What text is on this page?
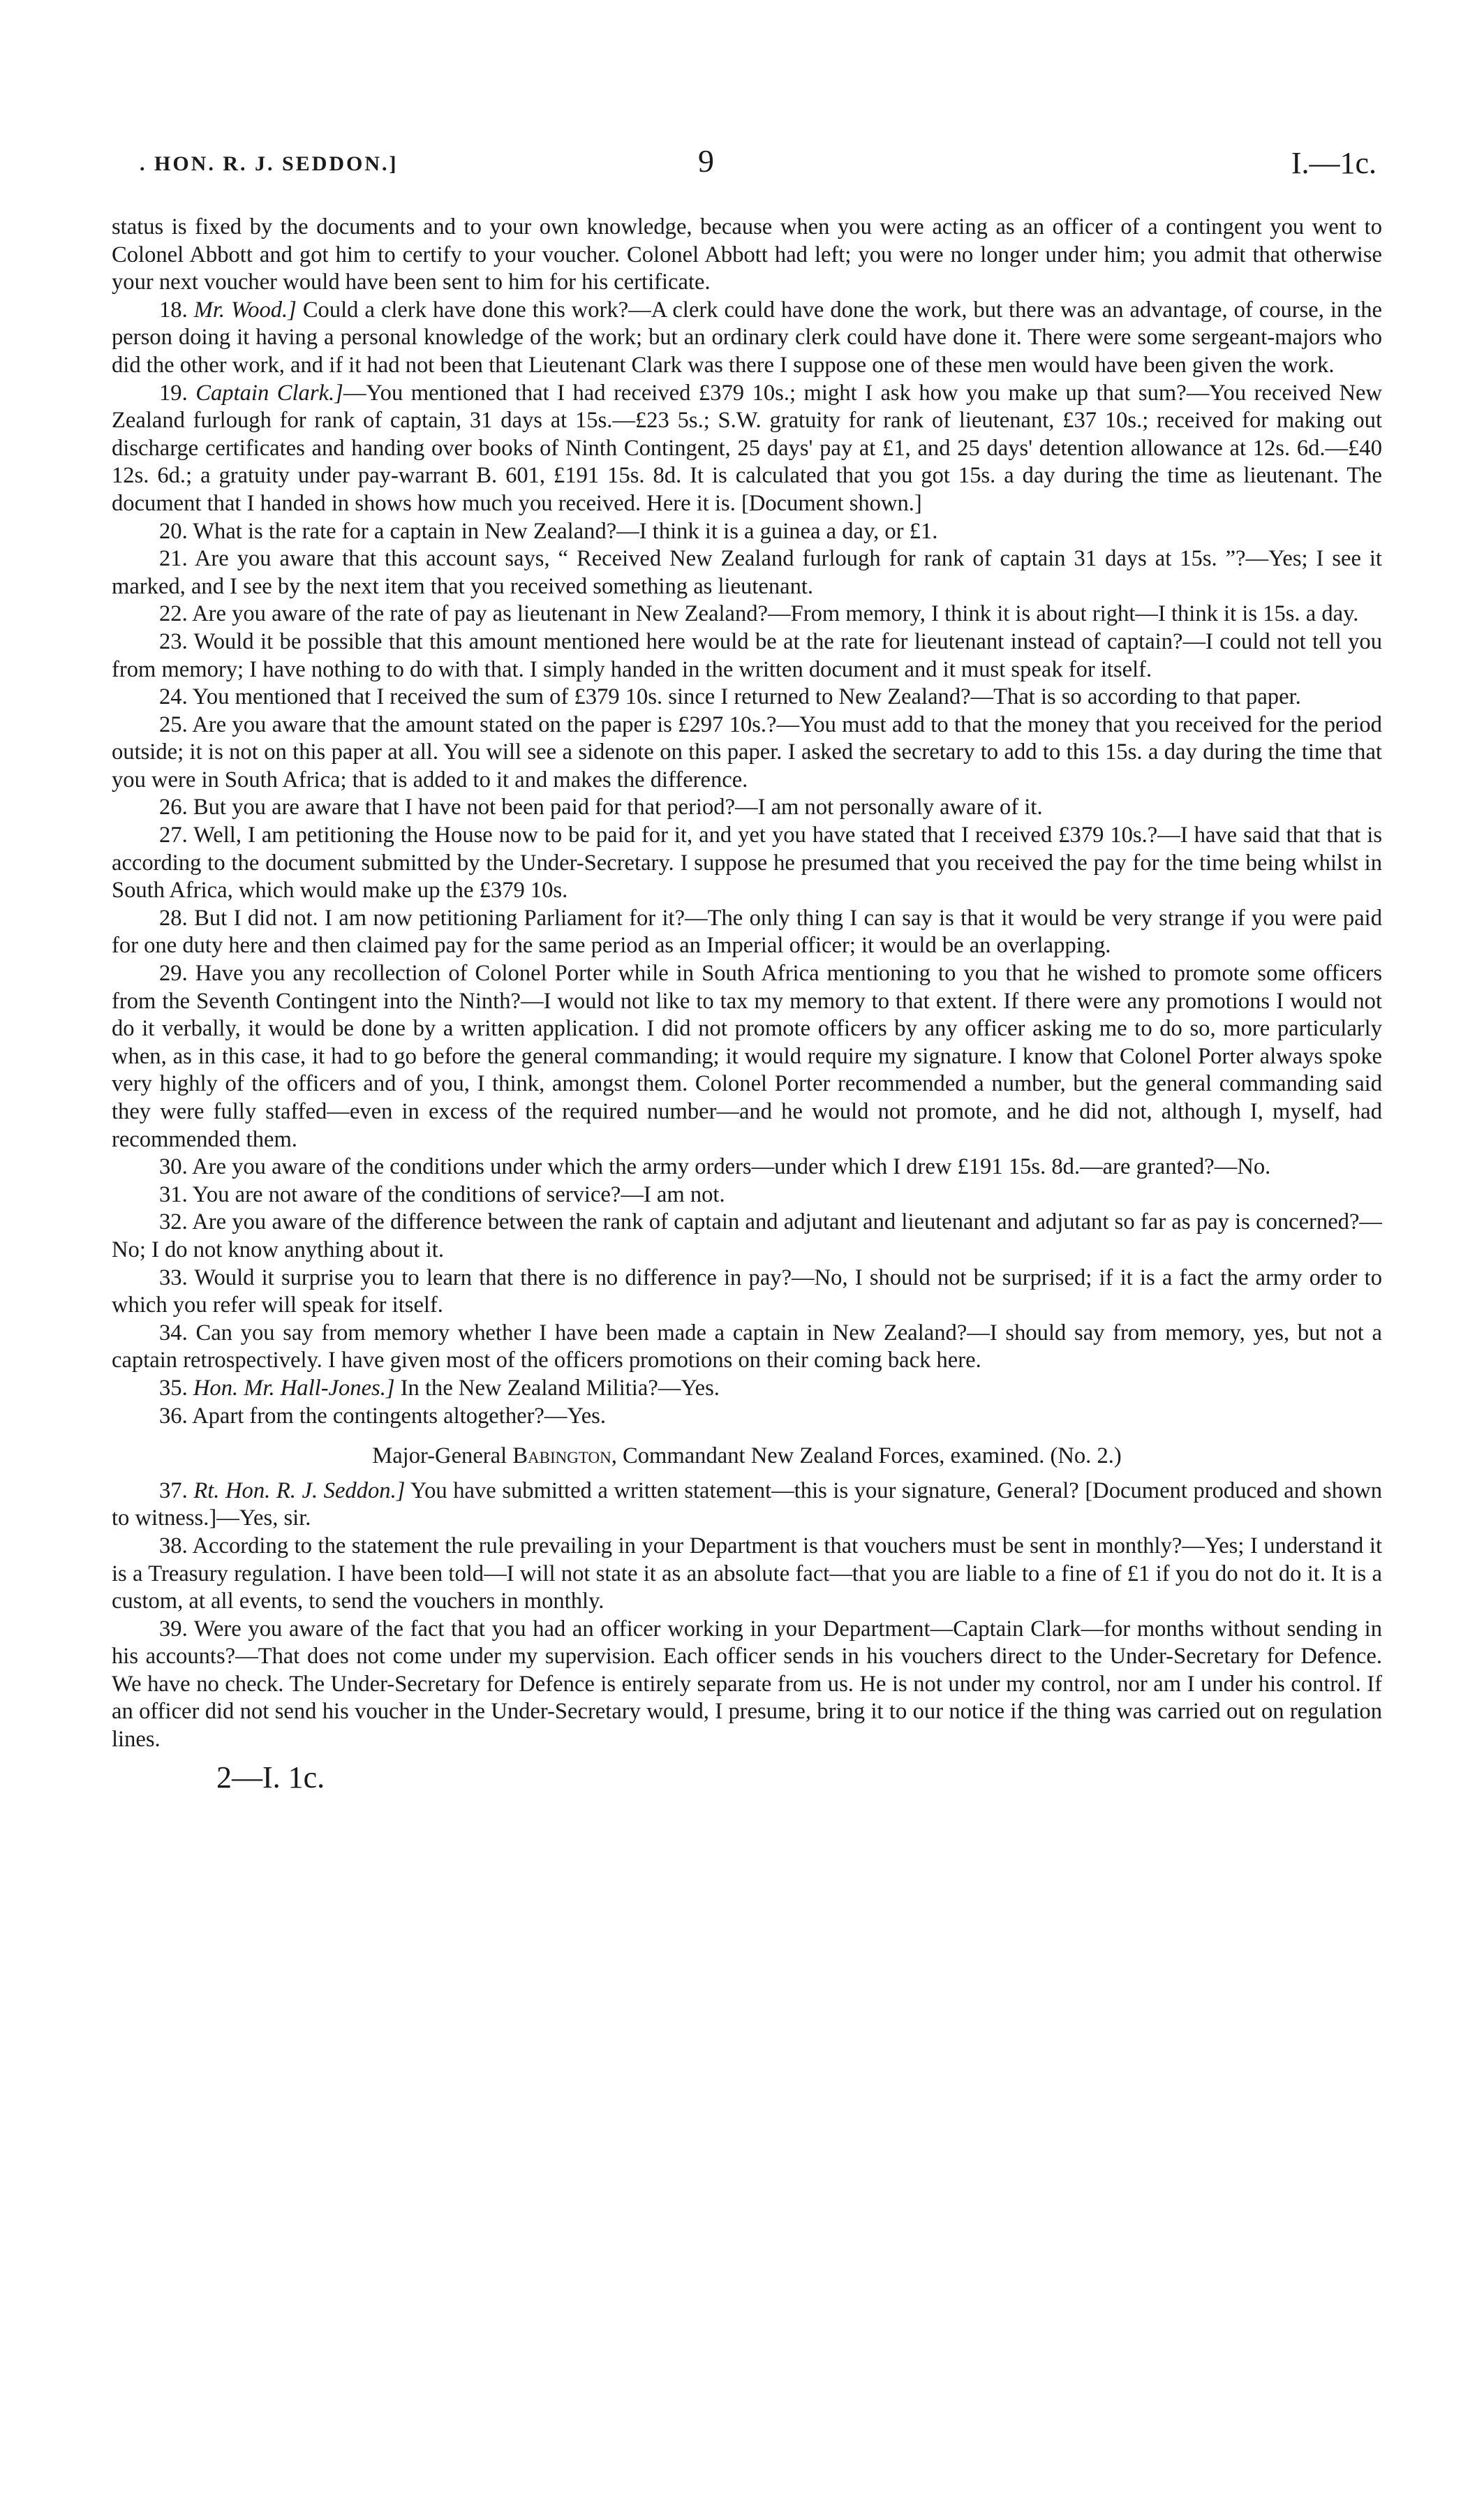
. HON. R. J. SEDDON.]	9	I.—1c.

status is fixed by the documents and to your own knowledge, because when you were acting as an officer of a contingent you went to Colonel Abbott and got him to certify to your voucher. Colonel Abbott had left; you were no longer under him; you admit that otherwise your next voucher would have been sent to him for his certificate.

18. Mr. Wood.] Could a clerk have done this work?—A clerk could have done the work, but there was an advantage, of course, in the person doing it having a personal knowledge of the work; but an ordinary clerk could have done it. There were some sergeant-majors who did the other work, and if it had not been that Lieutenant Clark was there I suppose one of these men would have been given the work.

19. Captain Clark.]—You mentioned that I had received £379 10s.; might I ask how you make up that sum?—You received New Zealand furlough for rank of captain, 31 days at 15s.—£23 5s.; S.W. gratuity for rank of lieutenant, £37 10s.; received for making out discharge certificates and handing over books of Ninth Contingent, 25 days' pay at £1, and 25 days' detention allowance at 12s. 6d.—£40 12s. 6d.; a gratuity under pay-warrant B. 601, £191 15s. 8d. It is calculated that you got 15s. a day during the time as lieutenant. The document that I handed in shows how much you received. Here it is. [Document shown.]

20. What is the rate for a captain in New Zealand?—I think it is a guinea a day, or £1.

21. Are you aware that this account says, “ Received New Zealand furlough for rank of captain 31 days at 15s. ”?—Yes; I see it marked, and I see by the next item that you received something as lieutenant.

22. Are you aware of the rate of pay as lieutenant in New Zealand?—From memory, I think it is about right—I think it is 15s. a day.

23. Would it be possible that this amount mentioned here would be at the rate for lieutenant instead of captain?—I could not tell you from memory; I have nothing to do with that. I simply handed in the written document and it must speak for itself.

24. You mentioned that I received the sum of £379 10s. since I returned to New Zealand?—That is so according to that paper.

25. Are you aware that the amount stated on the paper is £297 10s.?—You must add to that the money that you received for the period outside; it is not on this paper at all. You will see a sidenote on this paper. I asked the secretary to add to this 15s. a day during the time that you were in South Africa; that is added to it and makes the difference.

26. But you are aware that I have not been paid for that period?—I am not personally aware of it.

27. Well, I am petitioning the House now to be paid for it, and yet you have stated that I received £379 10s.?—I have said that that is according to the document submitted by the Under-Secretary. I suppose he presumed that you received the pay for the time being whilst in South Africa, which would make up the £379 10s.

28. But I did not. I am now petitioning Parliament for it?—The only thing I can say is that it would be very strange if you were paid for one duty here and then claimed pay for the same period as an Imperial officer; it would be an overlapping.

29. Have you any recollection of Colonel Porter while in South Africa mentioning to you that he wished to promote some officers from the Seventh Contingent into the Ninth?—I would not like to tax my memory to that extent. If there were any promotions I would not do it verbally, it would be done by a written application. I did not promote officers by any officer asking me to do so, more particularly when, as in this case, it had to go before the general commanding; it would require my signature. I know that Colonel Porter always spoke very highly of the officers and of you, I think, amongst them. Colonel Porter recommended a number, but the general commanding said they were fully staffed—even in excess of the required number—and he would not promote, and he did not, although I, myself, had recommended them.

30. Are you aware of the conditions under which the army orders—under which I drew £191 15s. 8d.—are granted?—No.

31. You are not aware of the conditions of service?—I am not.

32. Are you aware of the difference between the rank of captain and adjutant and lieutenant and adjutant so far as pay is concerned?—No; I do not know anything about it.

33. Would it surprise you to learn that there is no difference in pay?—No, I should not be surprised; if it is a fact the army order to which you refer will speak for itself.

34. Can you say from memory whether I have been made a captain in New Zealand?—I should say from memory, yes, but not a captain retrospectively. I have given most of the officers promotions on their coming back here.

35. Hon. Mr. Hall-Jones.] In the New Zealand Militia?—Yes.

36. Apart from the contingents altogether?—Yes.

Major-General Babington, Commandant New Zealand Forces, examined. (No. 2.)

37. Rt. Hon. R. J. Seddon.] You have submitted a written statement—this is your signature, General? [Document produced and shown to witness.]—Yes, sir.

38. According to the statement the rule prevailing in your Department is that vouchers must be sent in monthly?—Yes; I understand it is a Treasury regulation. I have been told—I will not state it as an absolute fact—that you are liable to a fine of £1 if you do not do it. It is a custom, at all events, to send the vouchers in monthly.

39. Were you aware of the fact that you had an officer working in your Department—Captain Clark—for months without sending in his accounts?—That does not come under my supervision. Each officer sends in his vouchers direct to the Under-Secretary for Defence. We have no check. The Under-Secretary for Defence is entirely separate from us. He is not under my control, nor am I under his control. If an officer did not send his voucher in the Under-Secretary would, I presume, bring it to our notice if the thing was carried out on regulation lines.

2—I. 1c.
